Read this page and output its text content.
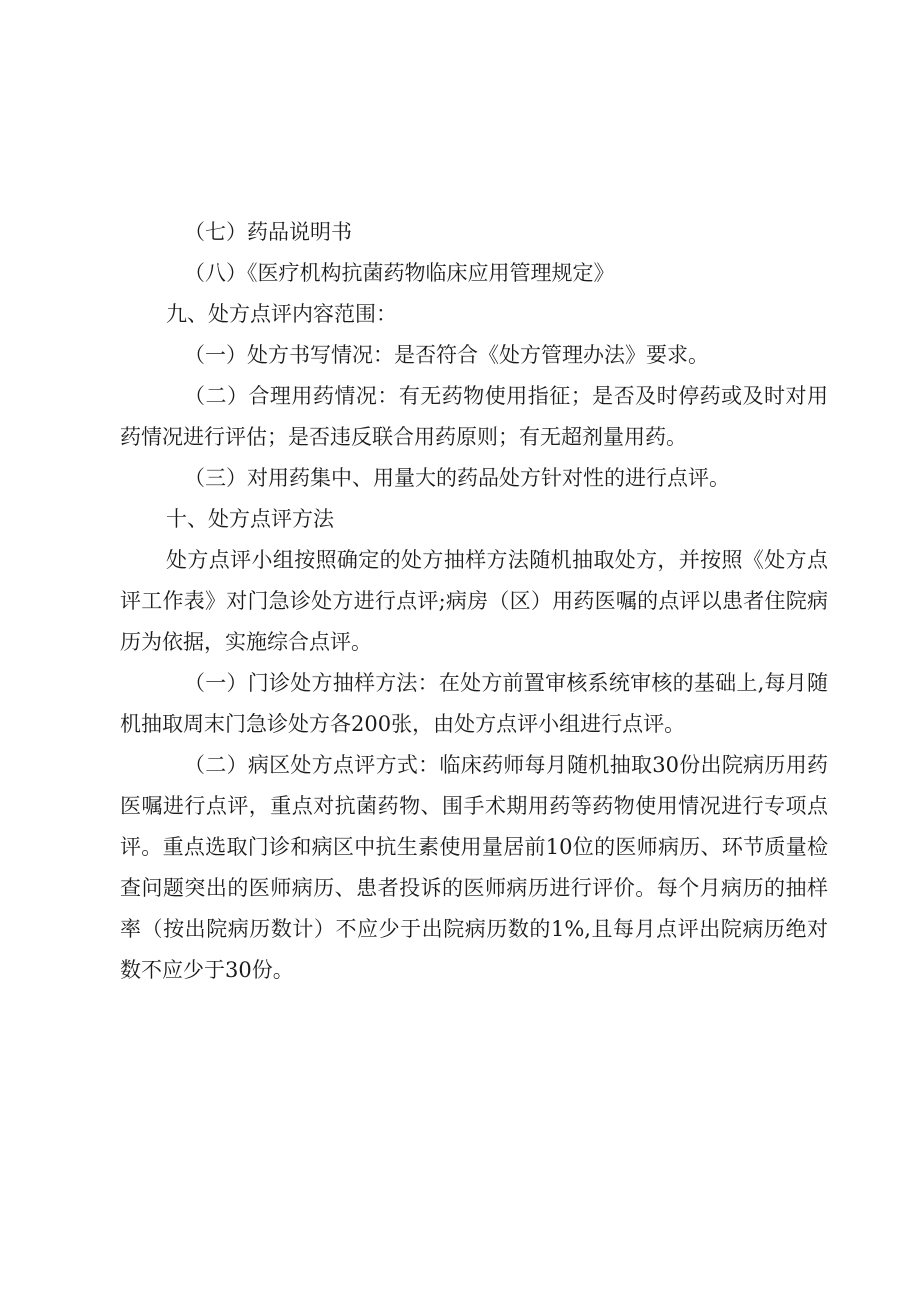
（七）药品说明书

（八）《医疗机构抗菌药物临床应用管理规定》

九、处方点评内容范围：

（一）处方书写情况：是否符合《处方管理办法》要求。

（二）合理用药情况：有无药物使用指征；是否及时停药或及时对用药情况进行评估；是否违反联合用药原则；有无超剂量用药。

（三）对用药集中、用量大的药品处方针对性的进行点评。

十、处方点评方法

处方点评小组按照确定的处方抽样方法随机抽取处方，并按照《处方点评工作表》对门急诊处方进行点评;病房（区）用药医嘱的点评以患者住院病历为依据，实施综合点评。

（一）门诊处方抽样方法：在处方前置审核系统审核的基础上,每月随机抽取周末门急诊处方各200张，由处方点评小组进行点评。

（二）病区处方点评方式：临床药师每月随机抽取30份出院病历用药医嘱进行点评，重点对抗菌药物、围手术期用药等药物使用情况进行专项点评。重点选取门诊和病区中抗生素使用量居前10位的医师病历、环节质量检查问题突出的医师病历、患者投诉的医师病历进行评价。每个月病历的抽样率（按出院病历数计）不应少于出院病历数的1%,且每月点评出院病历绝对数不应少于30份。
